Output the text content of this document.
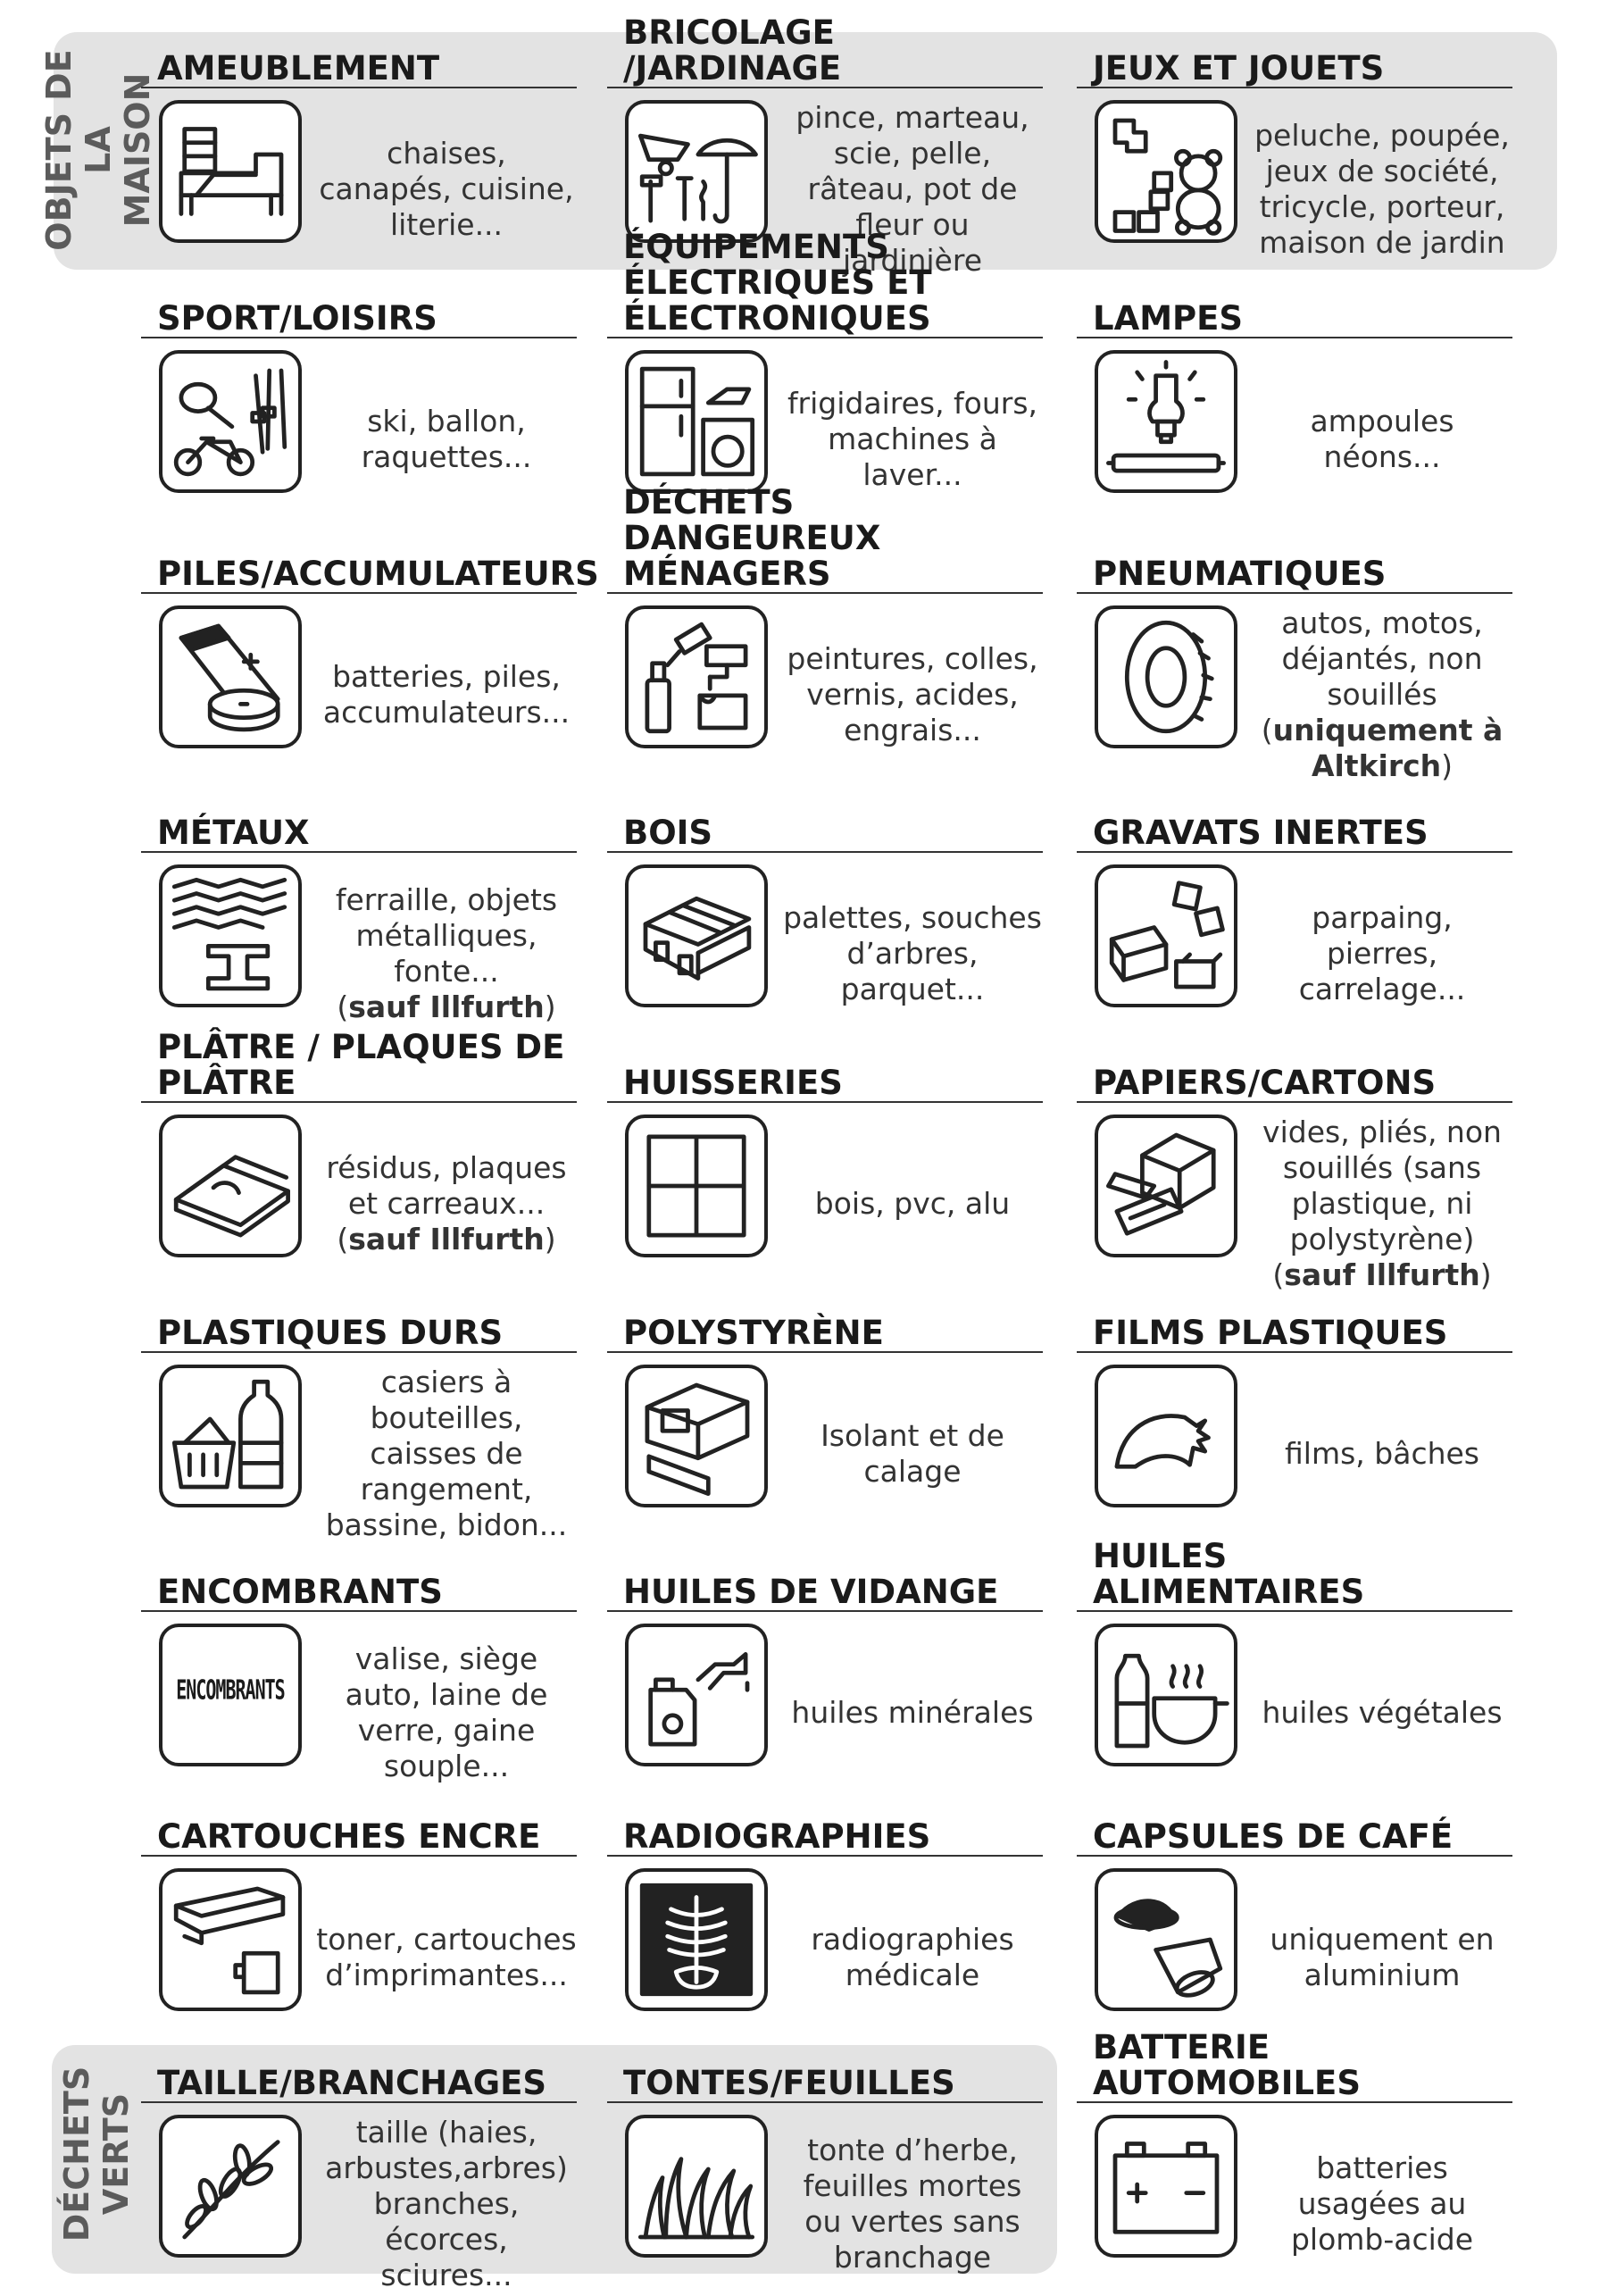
OBJETS DE LA MAISON
DÉCHETS VERTS
AMEUBLEMENT
chaises, canapés, cuisine, literie...
BRICOLAGE /JARDINAGE
pince, marteau, scie, pelle, râteau, pot de fleur ou jardinière
JEUX ET JOUETS
peluche, poupée, jeux de société, tricycle, porteur, maison de jardin
SPORT/LOISIRS
ski, ballon, raquettes...
ÉQUIPEMENTS ÉLECTRIQUES ET ÉLECTRONIQUES
frigidaires, fours, machines à laver...
LAMPES
ampoules néons...
PILES/ACCUMULATEURS
batteries, piles, accumulateurs...
DÉCHETS DANGEUREUX MÉNAGERS
peintures, colles, vernis, acides, engrais...
PNEUMATIQUES
autos, motos, déjantés, non souillés
(uniquement à Altkirch)
MÉTAUX
ferraille, objets métalliques, fonte...
(sauf Illfurth)
BOIS
palettes, souches d’arbres, parquet...
GRAVATS INERTES
parpaing, pierres, carrelage...
PLÂTRE / PLAQUES DE PLÂTRE
résidus, plaques et carreaux...
(sauf Illfurth)
HUISSERIES
bois, pvc, alu
PAPIERS/CARTONS
vides, pliés, non souillés (sans plastique, ni polystyrène)
(sauf Illfurth)
PLASTIQUES DURS
casiers à bouteilles, caisses de rangement, bassine, bidon...
POLYSTYRÈNE
Isolant et de calage
FILMS PLASTIQUES
films, bâches
ENCOMBRANTS
ENCOMBRANTS
valise, siège auto, laine de verre, gaine souple...
HUILES DE VIDANGE
huiles minérales
HUILES ALIMENTAIRES
huiles végétales
CARTOUCHES ENCRE
toner, cartouches d’imprimantes...
RADIOGRAPHIES
radiographies médicale
CAPSULES DE CAFÉ
uniquement en aluminium
TAILLE/BRANCHAGES
taille (haies, arbustes,arbres) branches, écorces, sciures...
TONTES/FEUILLES
tonte d’herbe, feuilles mortes ou vertes sans branchage
BATTERIE AUTOMOBILES
batteries usagées au plomb-acide
